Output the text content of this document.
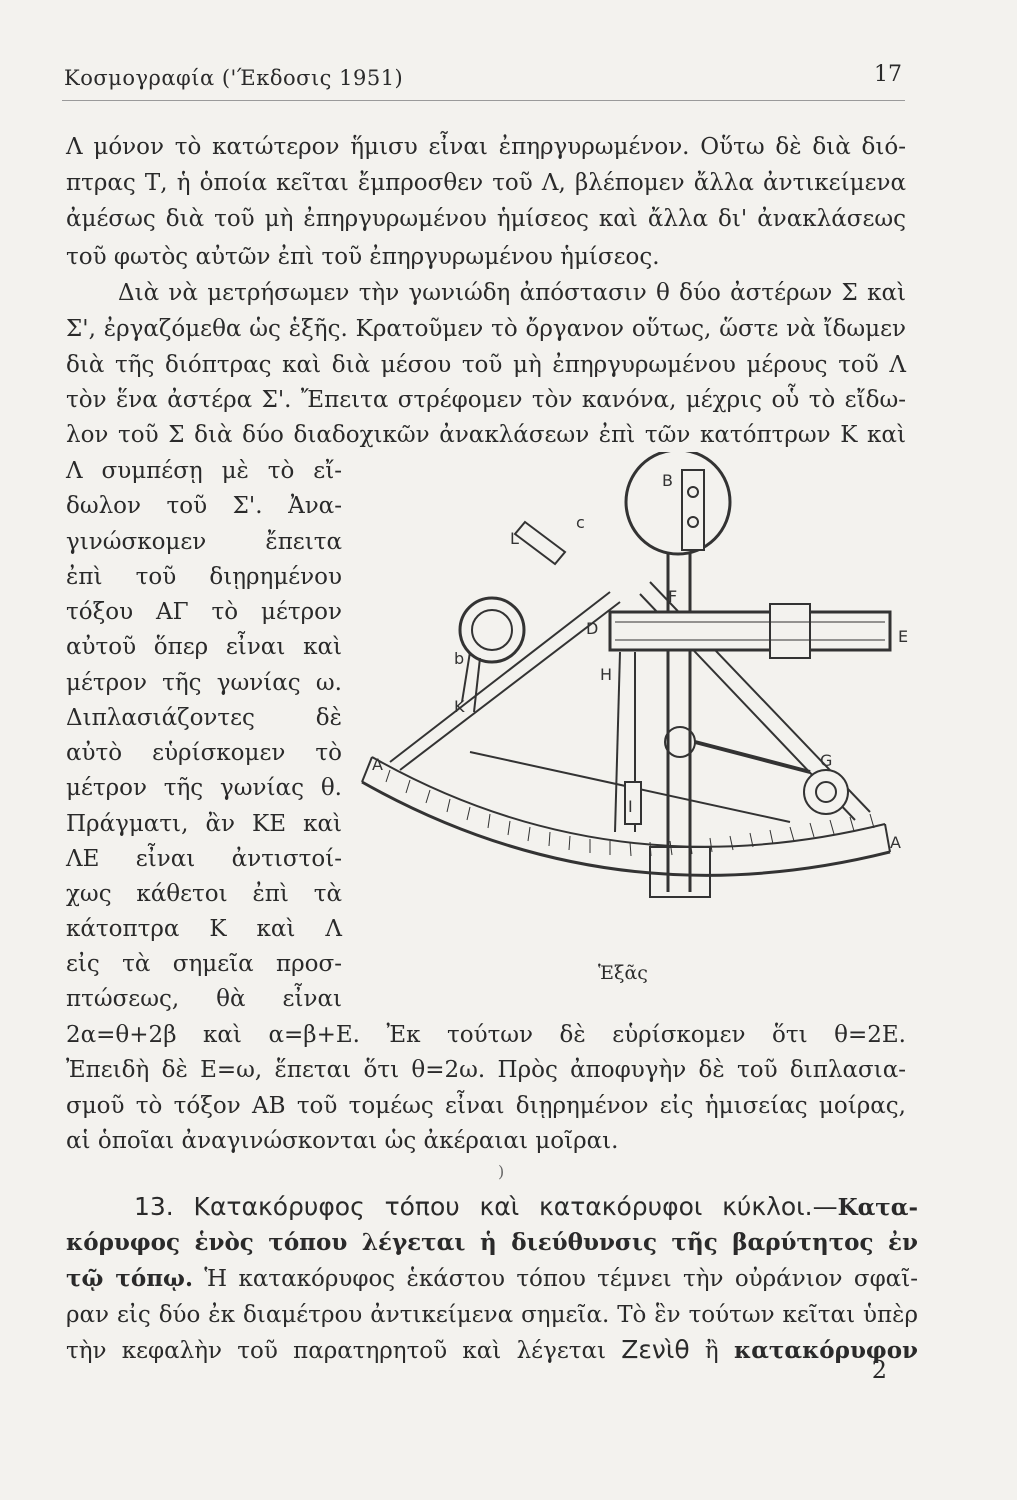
Κοσμογραφία ('Έκδοσις 1951)	17
Λ μόνον τὸ κατώτερον ἥμισυ εἶναι ἐπηργυρωμένον. Οὕτω δὲ διὰ διό-
πτρας Τ, ἡ ὁποία κεῖται ἔμπροσθεν τοῦ Λ, βλέπομεν ἄλλα ἀντικείμενα
ἀμέσως διὰ τοῦ μὴ ἐπηργυρωμένου ἡμίσεος καὶ ἄλλα δι' ἀνακλάσεως
τοῦ φωτὸς αὐτῶν ἐπὶ τοῦ ἐπηργυρωμένου ἡμίσεος.
Διὰ νὰ μετρήσωμεν τὴν γωνιώδη ἀπόστασιν θ δύο ἀστέρων Σ καὶ
Σ', ἐργαζόμεθα ὡς ἑξῆς. Κρατοῦμεν τὸ ὄργανον οὕτως, ὥστε νὰ ἴδωμεν
διὰ τῆς διόπτρας καὶ διὰ μέσου τοῦ μὴ ἐπηργυρωμένου μέρους τοῦ Λ
τὸν ἕνα ἀστέρα Σ'. Ἔπειτα στρέφομεν τὸν κανόνα, μέχρις οὗ τὸ εἴδω-
λον τοῦ Σ διὰ δύο διαδοχικῶν ἀνακλάσεων ἐπὶ τῶν κατόπτρων Κ καὶ
Λ συμπέσῃ μὲ τὸ εἴ-
δωλον τοῦ Σ'. Ἀνα-
γινώσκομεν ἔπειτα
ἐπὶ τοῦ διῃρημένου
τόξου ΑΓ τὸ μέτρον
αὐτοῦ ὅπερ εἶναι καὶ
μέτρον τῆς γωνίας ω.
Διπλασιάζοντες δὲ
αὐτὸ εὑρίσκομεν τὸ
μέτρον τῆς γωνίας θ.
Πράγματι, ἂν ΚΕ καὶ
ΛΕ εἶναι ἀντιστοί-
χως κάθετοι ἐπὶ τὰ
κάτοπτρα Κ καὶ Λ
εἰς τὰ σημεῖα προσ-
πτώσεως, θὰ εἶναι
B
L
c
F
D	E
b
H
K
A	G
A
I
Ἑξᾶς
2α=θ+2β καὶ α=β+Ε. Ἐκ τούτων δὲ εὑρίσκομεν ὅτι θ=2Ε.
Ἐπειδὴ δὲ Ε=ω, ἕπεται ὅτι θ=2ω. Πρὸς ἀποφυγὴν δὲ τοῦ διπλασια-
σμοῦ τὸ τόξον ΑΒ τοῦ τομέως εἶναι διῃρημένον εἰς ἡμισείας μοίρας,
αἱ ὁποῖαι ἀναγινώσκονται ὡς ἀκέραιαι μοῖραι.
)
13. Κατακόρυφος τόπου καὶ κατακόρυφοι κύκλοι.—Κατα-
κόρυφος ἑνὸς τόπου λέγεται ἡ διεύθυνσις τῆς βαρύτητος ἐν
τῷ τόπῳ. Ἡ κατακόρυφος ἑκάστου τόπου τέμνει τὴν οὐράνιον σφαῖ-
ραν εἰς δύο ἐκ διαμέτρου ἀντικείμενα σημεῖα. Τὸ ἓν τούτων κεῖται ὑπὲρ
τὴν κεφαλὴν τοῦ παρατηρητοῦ καὶ λέγεται Ζενὶθ ἢ κατακόρυφον
2
